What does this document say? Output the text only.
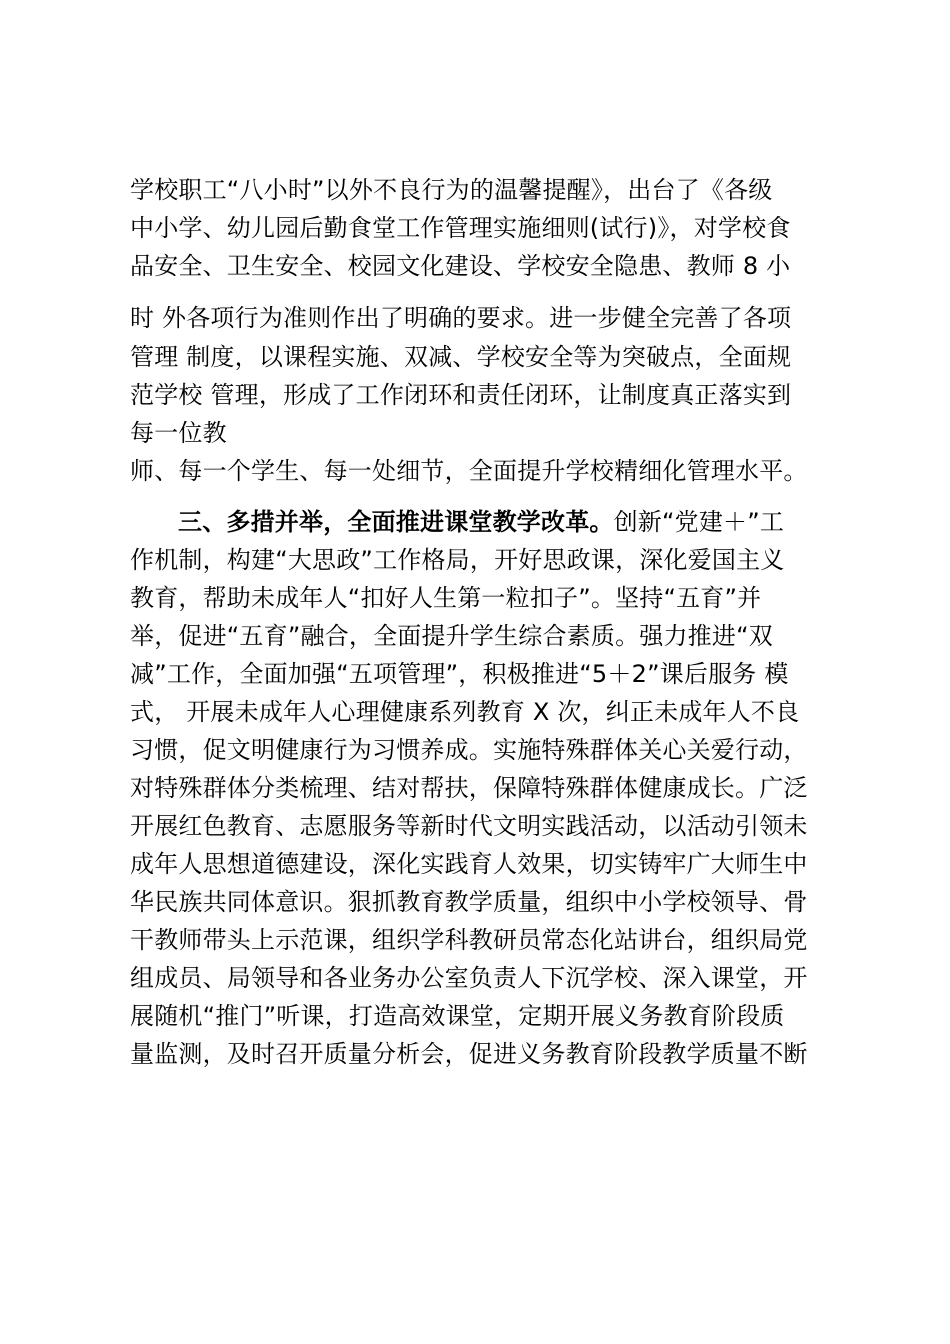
学校职工“八小时”以外不良行为的温馨提醒》，出台了《各级
中小学、幼儿园后勤食堂工作管理实施细则(试行)》，对学校食
品安全、卫生安全、校园文化建设、学校安全隐患、教师 8 小
时 外各项行为准则作出了明确的要求。进一步健全完善了各项
管理 制度，以课程实施、双减、学校安全等为突破点，全面规
范学校 管理，形成了工作闭环和责任闭环，让制度真正落实到
每一位教
师、每一个学生、每一处细节，全面提升学校精细化管理水平。
三、多措并举，全面推进课堂教学改革。创新“党建＋”工
作机制，构建“大思政”工作格局，开好思政课，深化爱国主义
教育，帮助未成年人“扣好人生第一粒扣子”。坚持“五育”并
举，促进“五育”融合，全面提升学生综合素质。强力推进“双
减”工作，全面加强“五项管理”，积极推进“5＋2”课后服务 模
式， 开展未成年人心理健康系列教育 X 次，纠正未成年人不良
习惯，促文明健康行为习惯养成。实施特殊群体关心关爱行动，
对特殊群体分类梳理、结对帮扶，保障特殊群体健康成长。广泛
开展红色教育、志愿服务等新时代文明实践活动，以活动引领未
成年人思想道德建设，深化实践育人效果，切实铸牢广大师生中
华民族共同体意识。狠抓教育教学质量，组织中小学校领导、骨
干教师带头上示范课，组织学科教研员常态化站讲台，组织局党
组成员、局领导和各业务办公室负责人下沉学校、深入课堂，开
展随机“推门”听课，打造高效课堂，定期开展义务教育阶段质
量监测，及时召开质量分析会，促进义务教育阶段教学质量不断
